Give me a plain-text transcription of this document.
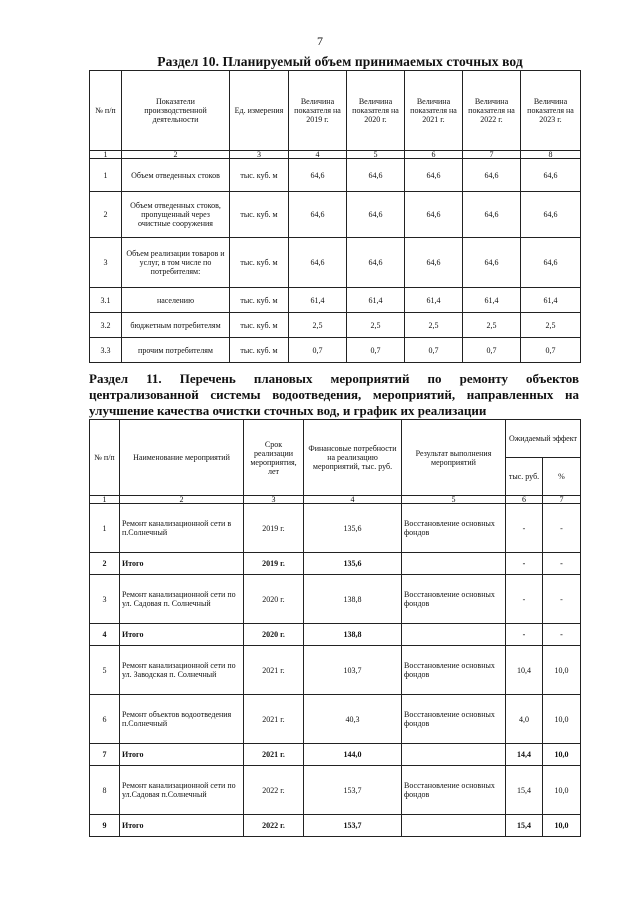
7
Раздел 10. Планируемый объем принимаемых сточных вод
№ п/п	Показатели производственной деятельности	Ед. измерения	Величина показателя на 2019 г.	Величина показателя на 2020 г.	Величина показателя на 2021 г.	Величина показателя на 2022 г.	Величина показателя на 2023 г.
1	2	3	4	5	6	7	8
1	Объем отведенных стоков	тыс. куб. м	64,6	64,6	64,6	64,6	64,6
2	Объем отведенных стоков, пропущенный через очистные сооружения	тыс. куб. м	64,6	64,6	64,6	64,6	64,6
3	Объем реализации товаров и услуг, в том числе по потребителям:	тыс. куб. м	64,6	64,6	64,6	64,6	64,6
3.1	населению	тыс. куб. м	61,4	61,4	61,4	61,4	61,4
3.2	бюджетным потребителям	тыс. куб. м	2,5	2,5	2,5	2,5	2,5
3.3	прочим потребителям	тыс. куб. м	0,7	0,7	0,7	0,7	0,7
Раздел 11. Перечень плановых мероприятий по ремонту объектов централизованной системы водоотведения, мероприятий, направленных на улучшение качества очистки сточных вод, и график их реализации
№ п/п	Наименование мероприятий	Срок реализации мероприятия, лет	Финансовые потребности на реализацию мероприятий, тыс. руб.	Результат выполнения мероприятий	Ожидаемый эффект	
					тыс. руб.	%
1	2	3	4	5	6	7
1	Ремонт канализационной сети в п.Солнечный	2019 г.	135,6	Восстановление основных фондов	-	-
2	Итого	2019 г.	135,6		-	-
3	Ремонт канализационной сети по ул. Садовая п. Солнечный	2020 г.	138,8	Восстановление основных фондов	-	-
4	Итого	2020 г.	138,8		-	-
5	Ремонт канализационной сети по ул. Заводская п. Солнечный	2021 г.	103,7	Восстановление основных фондов	10,4	10,0
6	Ремонт объектов водоотведения п.Солнечный	2021 г.	40,3	Восстановление основных фондов	4,0	10,0
7	Итого	2021 г.	144,0		14,4	10,0
8	Ремонт канализационной сети по ул.Садовая п.Солнечный	2022 г.	153,7	Восстановление основных фондов	15,4	10,0
9	Итого	2022 г.	153,7		15,4	10,0
